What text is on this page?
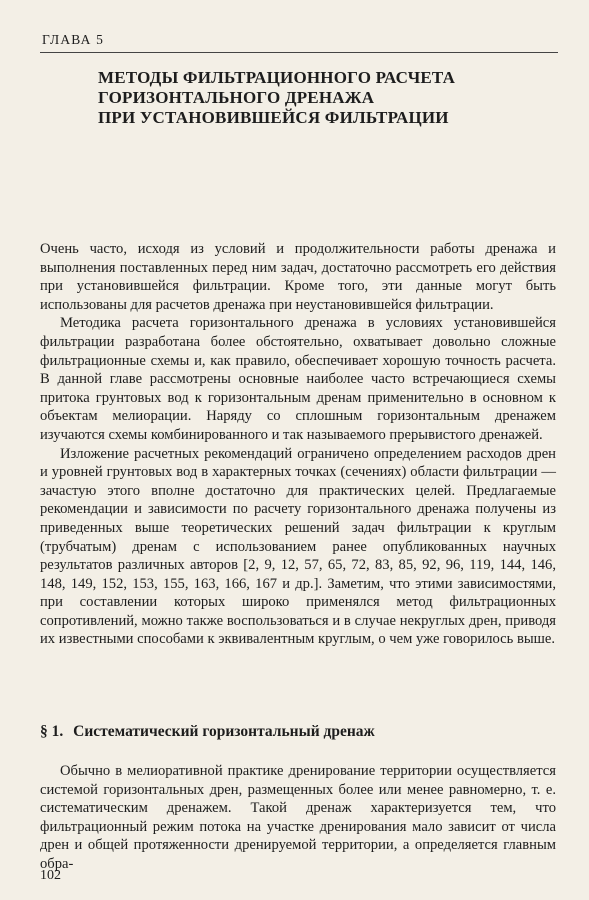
ГЛАВА 5
МЕТОДЫ ФИЛЬТРАЦИОННОГО РАСЧЕТА
ГОРИЗОНТАЛЬНОГО ДРЕНАЖА
ПРИ УСТАНОВИВШЕЙСЯ ФИЛЬТРАЦИИ

Очень часто, исходя из условий и продолжительности работы дренажа и выполнения поставленных перед ним задач, достаточно рассмотреть его действия при установившейся фильтрации. Кроме того, эти данные могут быть использованы для расчетов дренажа при неустановившейся фильтрации.

Методика расчета горизонтального дренажа в условиях установившейся фильтрации разработана более обстоятельно, охватывает довольно сложные фильтрационные схемы и, как правило, обеспечивает хорошую точность расчета. В данной главе рассмотрены основные наиболее часто встречающиеся схемы притока грунтовых вод к горизонтальным дренам применительно в основном к объектам мелиорации. Наряду со сплошным горизонтальным дренажем изучаются схемы комбинированного и так называемого прерывистого дренажей.

Изложение расчетных рекомендаций ограничено определением расходов дрен и уровней грунтовых вод в характерных точках (сечениях) области фильтрации — зачастую этого вполне достаточно для практических целей. Предлагаемые рекомендации и зависимости по расчету горизонтального дренажа получены из приведенных выше теоретических решений задач фильтрации к круглым (трубчатым) дренам с использованием ранее опубликованных научных результатов различных авторов [2, 9, 12, 57, 65, 72, 83, 85, 92, 96, 119, 144, 146, 148, 149, 152, 153, 155, 163, 166, 167 и др.]. Заметим, что этими зависимостями, при составлении которых широко применялся метод фильтрационных сопротивлений, можно также воспользоваться и в случае некруглых дрен, приводя их известными способами к эквивалентным круглым, о чем уже говорилось выше.

§ 1. Систематический горизонтальный дренаж

Обычно в мелиоративной практике дренирование территории осуществляется системой горизонтальных дрен, размещенных более или менее равномерно, т. е. систематическим дренажем. Такой дренаж характеризуется тем, что фильтрационный режим потока на участке дренирования мало зависит от числа дрен и общей протяженности дренируемой территории, а определяется главным обра-

102
